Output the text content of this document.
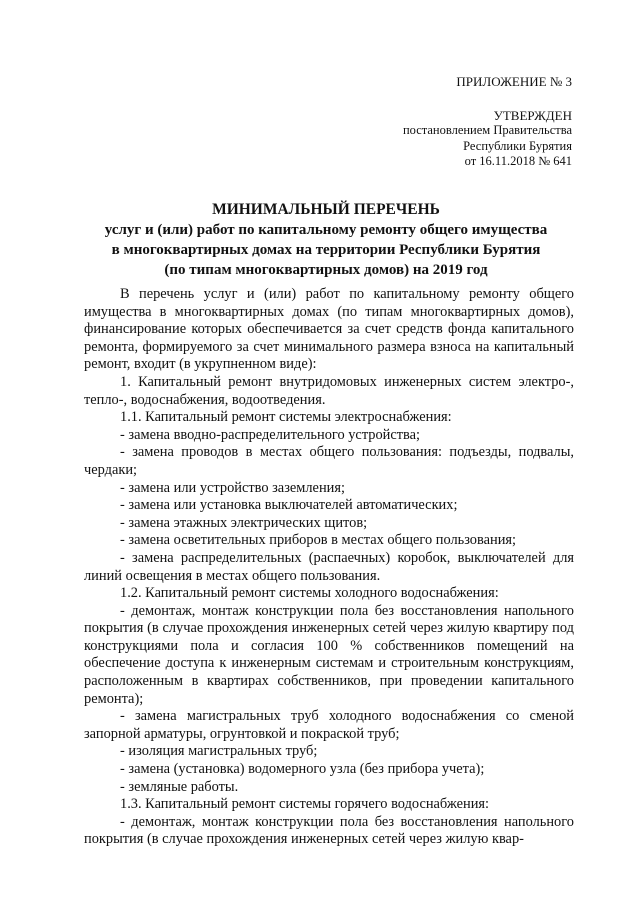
ПРИЛОЖЕНИЕ № 3
УТВЕРЖДЕН
постановлением Правительства
Республики Бурятия
от 16.11.2018 № 641
МИНИМАЛЬНЫЙ ПЕРЕЧЕНЬ
услуг и (или) работ по капитальному ремонту общего имущества
в многоквартирных домах на территории Республики Бурятия
(по типам многоквартирных домов) на 2019 год

В перечень услуг и (или) работ по капитальному ремонту общего имущества в многоквартирных домах (по типам многоквартирных домов), финансирование которых обеспечивается за счет средств фонда капитального ремонта, формируемого за счет минимального размера взноса на капитальный ремонт, входит (в укрупненном виде):

1. Капитальный ремонт внутридомовых инженерных систем электро-, тепло-, водоснабжения, водоотведения.

1.1. Капитальный ремонт системы электроснабжения:

- замена вводно-распределительного устройства;

- замена проводов в местах общего пользования: подъезды, подвалы, чердаки;

- замена или устройство заземления;

- замена или установка выключателей автоматических;

- замена этажных электрических щитов;

- замена осветительных приборов в местах общего пользования;

- замена распределительных (распаечных) коробок, выключателей для линий освещения в местах общего пользования.

1.2. Капитальный ремонт системы холодного водоснабжения:

- демонтаж, монтаж конструкции пола без восстановления напольного покрытия (в случае прохождения инженерных сетей через жилую квартиру под конструкциями пола и согласия 100 % собственников помещений на обеспечение доступа к инженерным системам и строительным конструкциям, расположенным в квартирах собственников, при проведении капитального ремонта);

- замена магистральных труб холодного водоснабжения со сменой запорной арматуры, огрунтовкой и покраской труб;

- изоляция магистральных труб;

- замена (установка) водомерного узла (без прибора учета);

- земляные работы.

1.3. Капитальный ремонт системы горячего водоснабжения:

- демонтаж, монтаж конструкции пола без восстановления напольного покрытия (в случае прохождения инженерных сетей через жилую квар-
